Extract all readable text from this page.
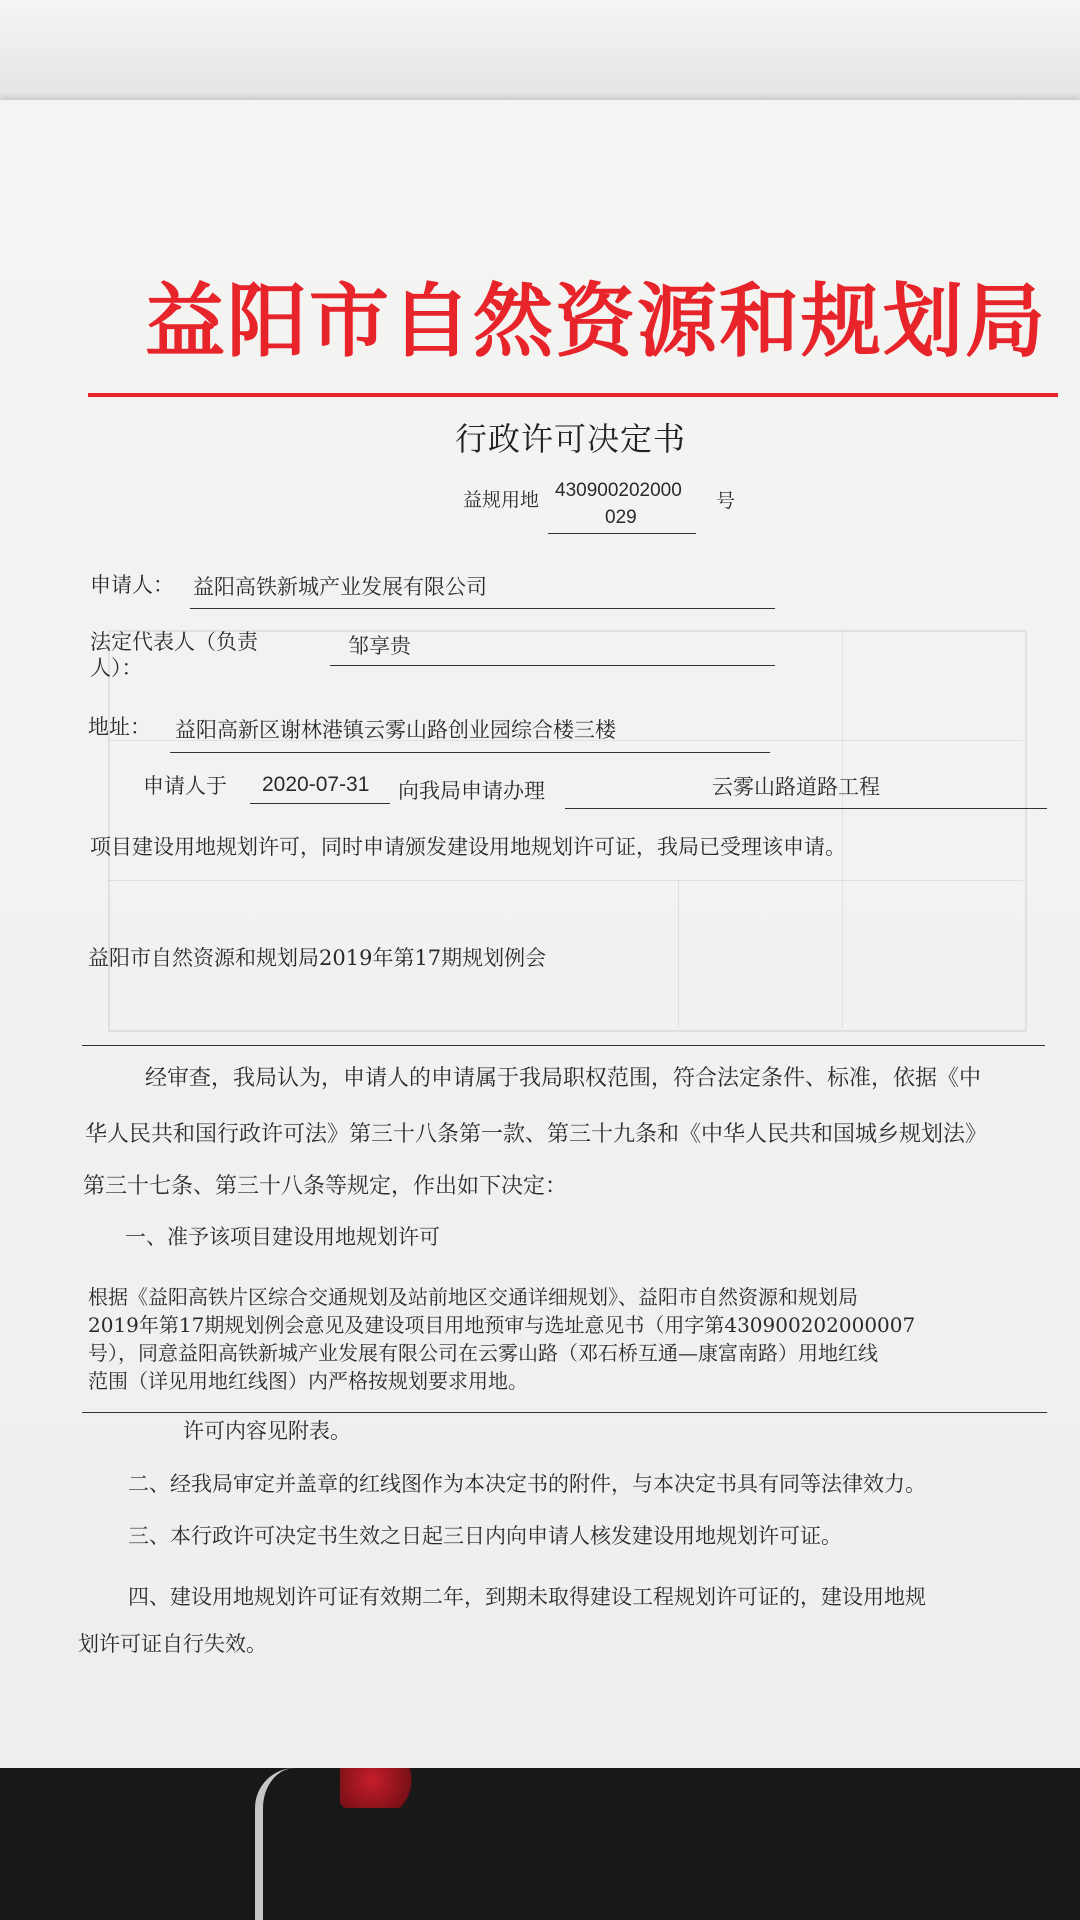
益阳市自然资源和规划局
行政许可决定书
益规用地 430900202000
029
号
申请人： 益阳高铁新城产业发展有限公司
法定代表人（负责
人）：
邹享贵
地址： 益阳高新区谢林港镇云雾山路创业园综合楼三楼
申请人于 2020-07-31 向我局申请办理	云雾山路道路工程
项目建设用地规划许可，同时申请颁发建设用地规划许可证，我局已受理该申请。
益阳市自然资源和规划局2019年第17期规划例会
经审查，我局认为，申请人的申请属于我局职权范围，符合法定条件、标准，依据《中
华人民共和国行政许可法》第三十八条第一款、第三十九条和《中华人民共和国城乡规划法》
第三十七条、第三十八条等规定，作出如下决定：
一、准予该项目建设用地规划许可
根据《益阳高铁片区综合交通规划及站前地区交通详细规划》、益阳市自然资源和规划局
2019年第17期规划例会意见及建设项目用地预审与选址意见书（用字第430900202000007
号），同意益阳高铁新城产业发展有限公司在云雾山路（邓石桥互通—康富南路）用地红线
范围（详见用地红线图）内严格按规划要求用地。
许可内容见附表。
二、经我局审定并盖章的红线图作为本决定书的附件，与本决定书具有同等法律效力。
三、本行政许可决定书生效之日起三日内向申请人核发建设用地规划许可证。
四、建设用地规划许可证有效期二年，到期未取得建设工程规划许可证的，建设用地规
划许可证自行失效。
